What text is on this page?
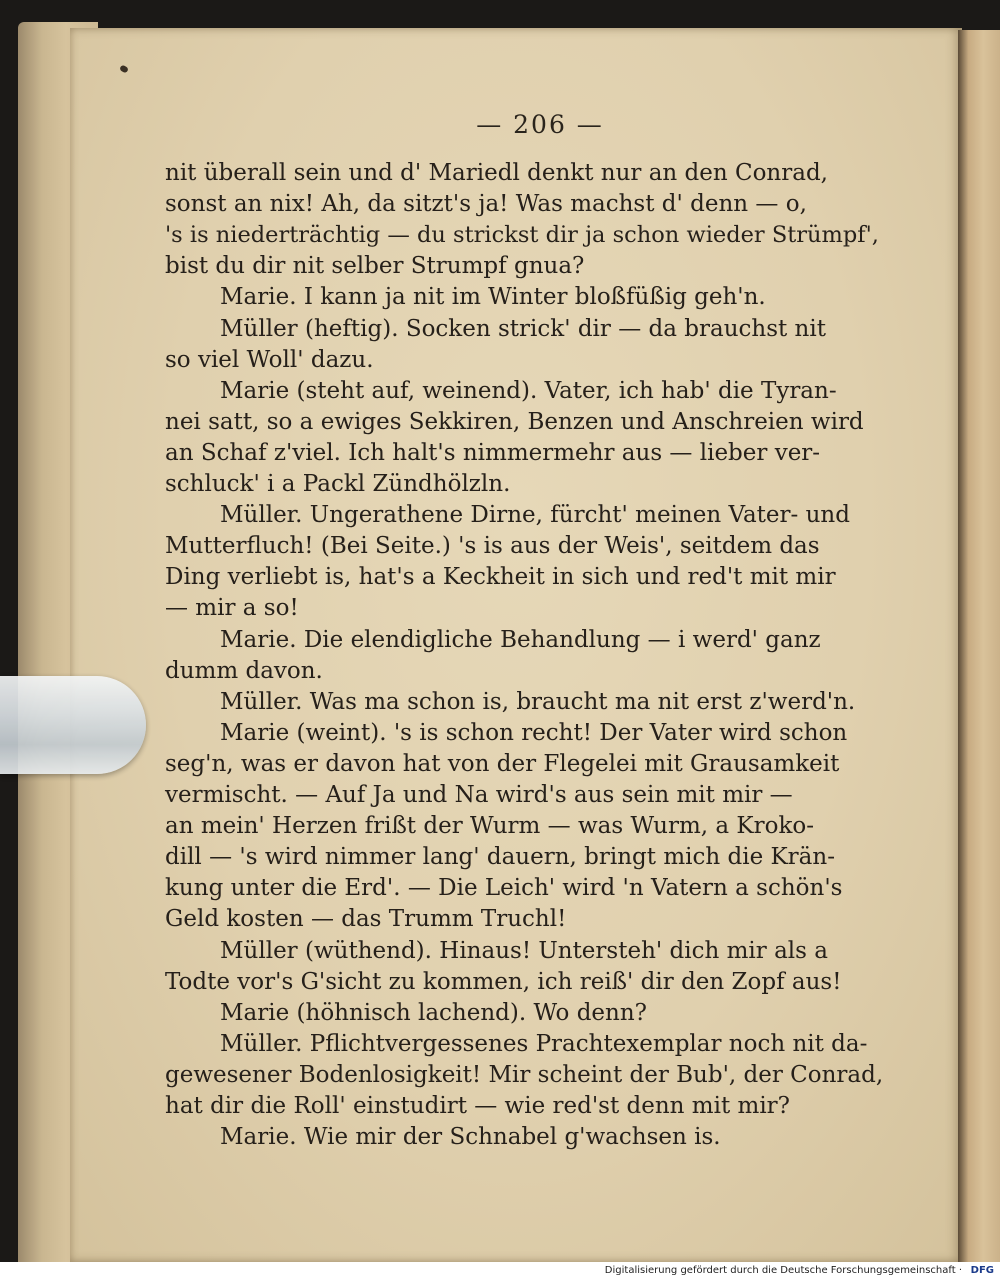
— 206 —
nit überall sein und d' Mariedl denkt nur an den Conrad,
sonst an nix! Ah, da sitzt's ja! Was machst d' denn — o,
's is niederträchtig — du strickst dir ja schon wieder Strümpf',
bist du dir nit selber Strumpf gnua?
Marie. I kann ja nit im Winter bloßfüßig geh'n.
Müller (heftig). Socken strick' dir — da brauchst nit
so viel Woll' dazu.
Marie (steht auf, weinend). Vater, ich hab' die Tyran-
nei satt, so a ewiges Sekkiren, Benzen und Anschreien wird
an Schaf z'viel. Ich halt's nimmermehr aus — lieber ver-
schluck' i a Packl Zündhölzln.
Müller. Ungerathene Dirne, fürcht' meinen Vater- und
Mutterfluch! (Bei Seite.) 's is aus der Weis', seitdem das
Ding verliebt is, hat's a Keckheit in sich und red't mit mir
— mir a so!
Marie. Die elendigliche Behandlung — i werd' ganz
dumm davon.
Müller. Was ma schon is, braucht ma nit erst z'werd'n.
Marie (weint). 's is schon recht! Der Vater wird schon
seg'n, was er davon hat von der Flegelei mit Grausamkeit
vermischt. — Auf Ja und Na wird's aus sein mit mir —
an mein' Herzen frißt der Wurm — was Wurm, a Kroko-
dill — 's wird nimmer lang' dauern, bringt mich die Krän-
kung unter die Erd'. — Die Leich' wird 'n Vatern a schön's
Geld kosten — das Trumm Truchl!
Müller (wüthend). Hinaus! Untersteh' dich mir als a
Todte vor's G'sicht zu kommen, ich reiß' dir den Zopf aus!
Marie (höhnisch lachend). Wo denn?
Müller. Pflichtvergessenes Prachtexemplar noch nit da-
gewesener Bodenlosigkeit! Mir scheint der Bub', der Conrad,
hat dir die Roll' einstudirt — wie red'st denn mit mir?
Marie. Wie mir der Schnabel g'wachsen is.
Digitalisierung gefördert durch die Deutsche Forschungsgemeinschaft · DFG
